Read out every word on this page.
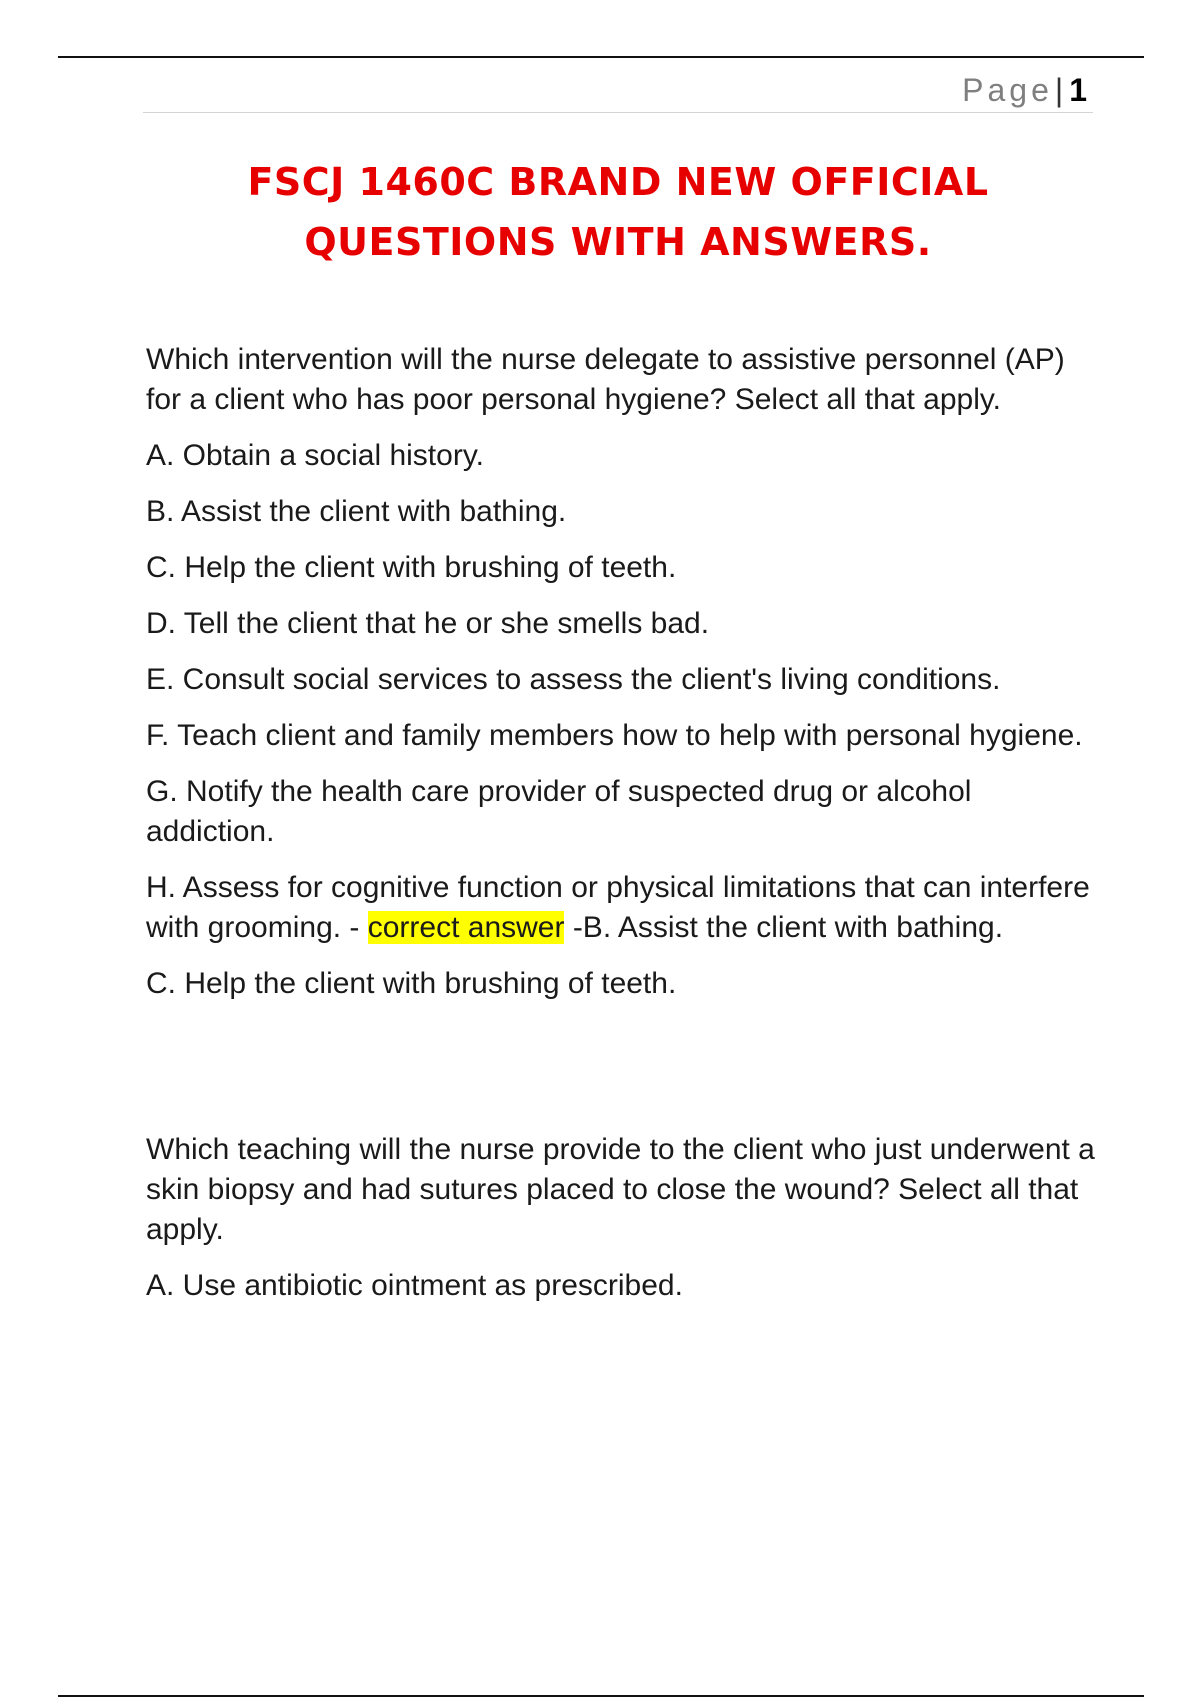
Page| 1
FSCJ 1460C BRAND NEW OFFICIAL
QUESTIONS WITH ANSWERS.

Which intervention will the nurse delegate to assistive personnel (AP) for a client who has poor personal hygiene? Select all that apply.

A. Obtain a social history.
B. Assist the client with bathing.
C. Help the client with brushing of teeth.
D. Tell the client that he or she smells bad.
E. Consult social services to assess the client's living conditions.
F. Teach client and family members how to help with personal hygiene.
G. Notify the health care provider of suspected drug or alcohol addiction.
H. Assess for cognitive function or physical limitations that can interfere with grooming. - correct answer -B. Assist the client with bathing.
C. Help the client with brushing of teeth.

Which teaching will the nurse provide to the client who just underwent a skin biopsy and had sutures placed to close the wound? Select all that apply.

A. Use antibiotic ointment as prescribed.
